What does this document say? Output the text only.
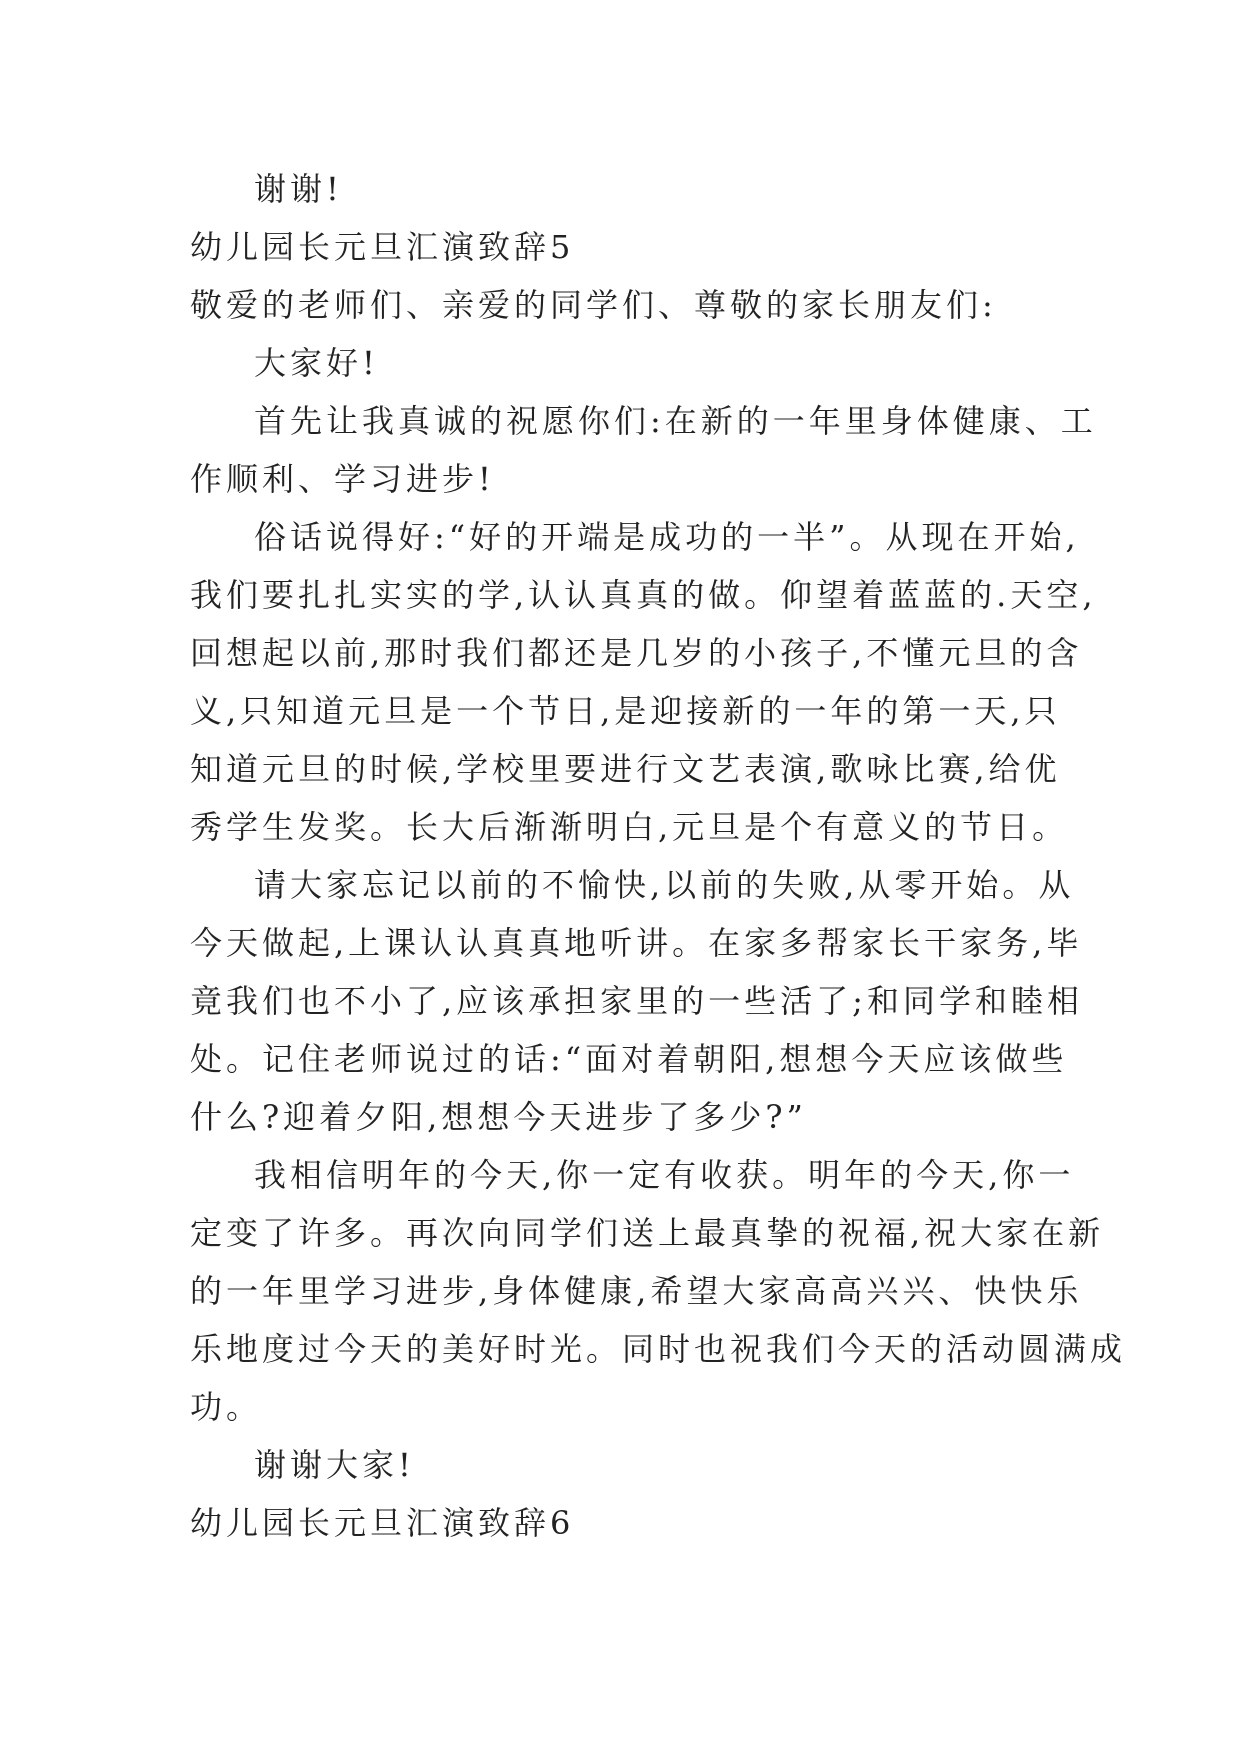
谢谢!
幼儿园长元旦汇演致辞5
敬爱的老师们、亲爱的同学们、尊敬的家长朋友们:
大家好!
首先让我真诚的祝愿你们:在新的一年里身体健康、工
作顺利、学习进步!
俗话说得好:“好的开端是成功的一半”。从现在开始,
我们要扎扎实实的学,认认真真的做。仰望着蓝蓝的.天空,
回想起以前,那时我们都还是几岁的小孩子,不懂元旦的含
义,只知道元旦是一个节日,是迎接新的一年的第一天,只
知道元旦的时候,学校里要进行文艺表演,歌咏比赛,给优
秀学生发奖。长大后渐渐明白,元旦是个有意义的节日。
请大家忘记以前的不愉快,以前的失败,从零开始。从
今天做起,上课认认真真地听讲。在家多帮家长干家务,毕
竟我们也不小了,应该承担家里的一些活了;和同学和睦相
处。记住老师说过的话:“面对着朝阳,想想今天应该做些
什么?迎着夕阳,想想今天进步了多少?”
我相信明年的今天,你一定有收获。明年的今天,你一
定变了许多。再次向同学们送上最真挚的祝福,祝大家在新
的一年里学习进步,身体健康,希望大家高高兴兴、快快乐
乐地度过今天的美好时光。同时也祝我们今天的活动圆满成
功。
谢谢大家!
幼儿园长元旦汇演致辞6
